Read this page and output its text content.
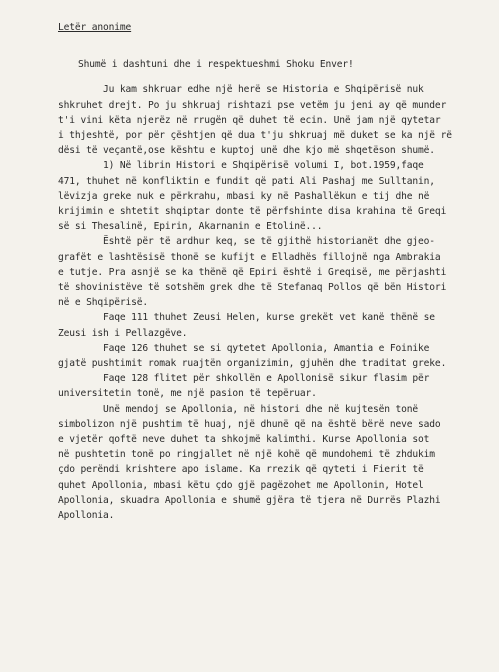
Letër anonime
Shumë i dashtuni dhe i respektueshmi Shoku Enver!
Ju kam shkruar edhe një herë se Historia e Shqipërisë nuk
shkruhet drejt. Po ju shkruaj rishtazi pse vetëm ju jeni ay që munder
t'i vini këta njerëz në rrugën që duhet të ecin. Unë jam një qytetar
i thjeshtë, por për çështjen që dua t'ju shkruaj më duket se ka një rë
dësi të veçantë,ose kështu e kuptoj unë dhe kjo më shqetëson shumë.
1) Në librin Histori e Shqipërisë volumi I, bot.1959,faqe
471, thuhet në konfliktin e fundit që pati Ali Pashaj me Sulltanin,
lëvizja greke nuk e përkrahu, mbasi ky në Pashallëkun e tij dhe në
krijimin e shtetit shqiptar donte të përfshinte disa krahina të Greqi
së si Thesalinë, Epirin, Akarnanin e Etolinë...
Është për të ardhur keq, se të gjithë historianët dhe gjeo-
grafët e lashtësisë thonë se kufijt e Elladhës fillojnë nga Ambrakia
e tutje. Pra asnjë se ka thënë që Epiri është i Greqisë, me përjashti
të shovinistëve të sotshëm grek dhe të Stefanaq Pollos që bën Histori
në e Shqipërisë.
Faqe 111 thuhet Zeusi Helen, kurse grekët vet kanë thënë se
Zeusi ish i Pellazgëve.
Faqe 126 thuhet se si qytetet Apollonia, Amantia e Foinike
gjatë pushtimit romak ruajtën organizimin, gjuhën dhe traditat greke.
Faqe 128 flitet për shkollën e Apollonisë sikur flasim për
universitetin tonë, me një pasion të tepëruar.
Unë mendoj se Apollonia, në histori dhe në kujtesën tonë
simbolizon një pushtim të huaj, një dhunë që na është bërë neve sado
e vjetër qoftë neve duhet ta shkojmë kalimthi. Kurse Apollonia sot
në pushtetin tonë po ringjallet në një kohë që mundohemi të zhdukim
çdo perëndi krishtere apo islame. Ka rrezik që qyteti i Fierit të
quhet Apollonia, mbasi këtu çdo gjë pagëzohet me Apollonin, Hotel
Apollonia, skuadra Apollonia e shumë gjëra të tjera në Durrës Plazhi
Apollonia.
